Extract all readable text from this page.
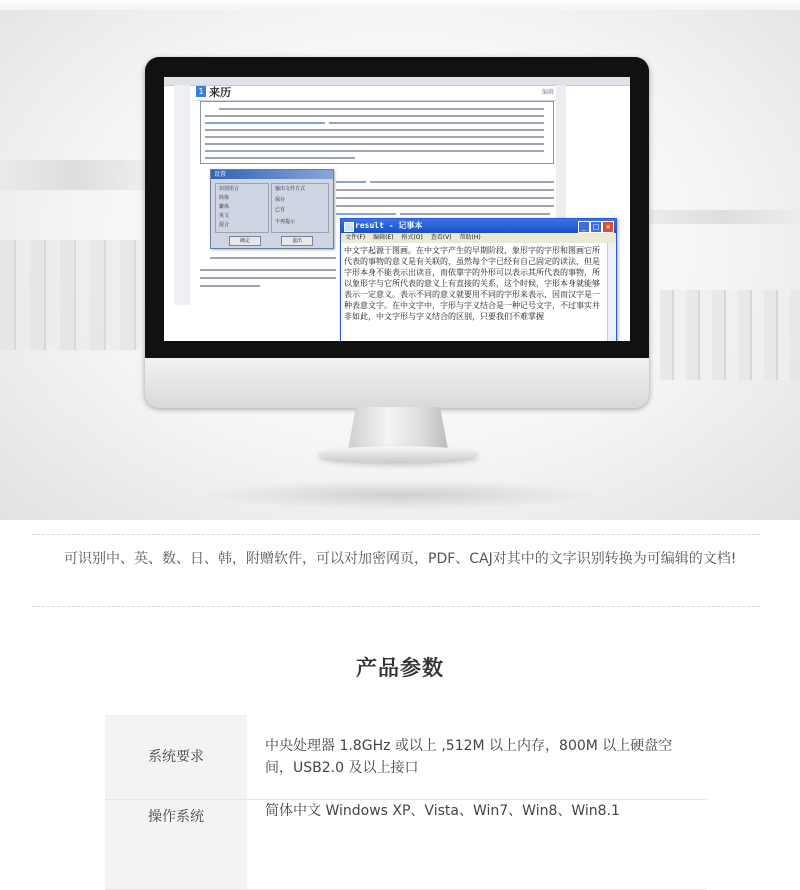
1 来历	编辑
设置
识别语言
简体
繁体
英文
混合
输出文件方式
保存
已有
不再提示
确定	退出
result - 记事本	_ □ ×
文件(F) 编辑(E) 格式(O) 查看(V) 帮助(H)
中文字起源于图画。在中文字产生的早期阶段，象形字的字形和图画它所代表的事物的意义是有关联的，虽然每个字已经有自己固定的读法，但是字形本身不能表示出读音，而依靠字的外形可以表示其所代表的事物，所以象形字与它所代表的意义上有直接的关系，这个时候，字形本身就能够表示一定意义。表示不同的意义就要用不同的字形来表示，因而汉字是一种表意文字。在中文字中，字形与字义结合是一种记号文字，不过事实并非如此，中文字形与字义结合的区别，只要我们不难掌握
可识别中、英、数、日、韩，附赠软件，可以对加密网页，PDF、CAJ对其中的文字识别转换为可编辑的文档!
产品参数
系统要求	中央处理器 1.8GHz 或以上 ,512M 以上内存，800M 以上硬盘空间，USB2.0 及以上接口
操作系统	简体中文 Windows XP、Vista、Win7、Win8、Win8.1
